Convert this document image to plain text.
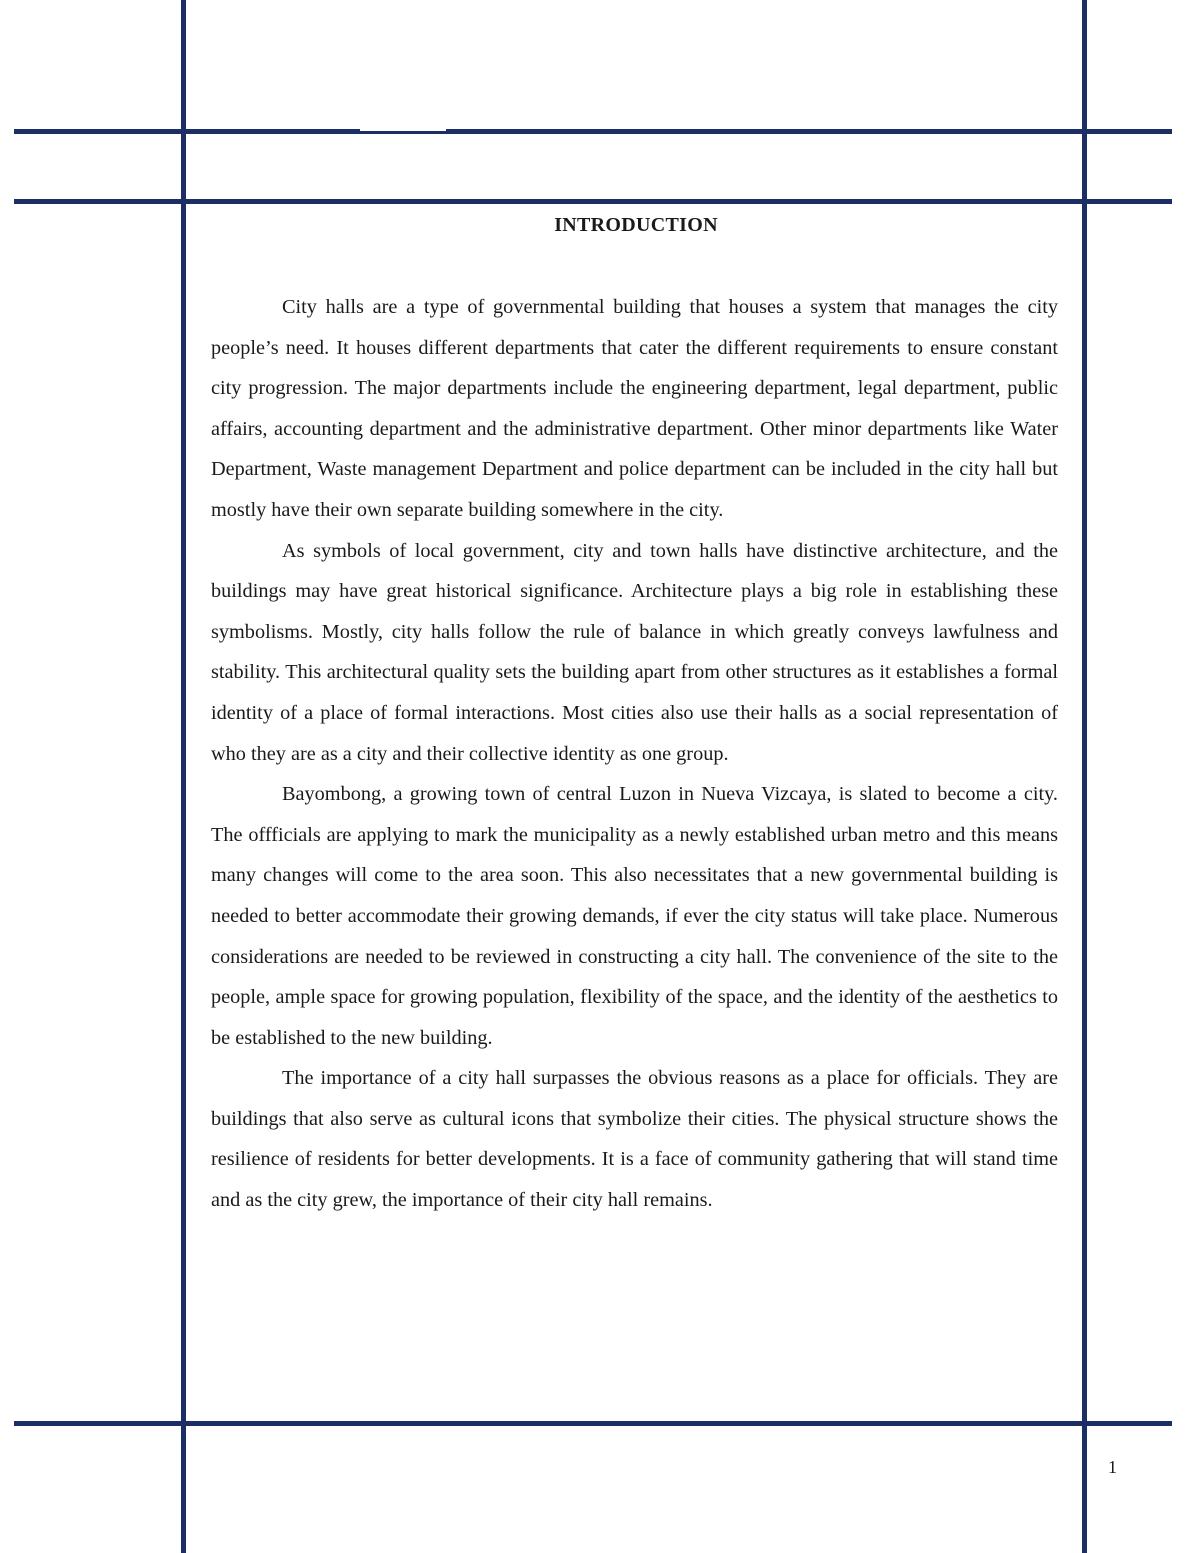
INTRODUCTION

City halls are a type of governmental building that houses a system that manages the city people’s need. It houses different departments that cater the different requirements to ensure constant city progression. The major departments include the engineering department, legal department, public affairs, accounting department and the administrative department. Other minor departments like Water Department, Waste management Department and police department can be included in the city hall but mostly have their own separate building somewhere in the city.

As symbols of local government, city and town halls have distinctive architecture, and the buildings may have great historical significance. Architecture plays a big role in establishing these symbolisms. Mostly, city halls follow the rule of balance in which greatly conveys lawfulness and stability. This architectural quality sets the building apart from other structures as it establishes a formal identity of a place of formal interactions. Most cities also use their halls as a social representation of who they are as a city and their collective identity as one group.

Bayombong, a growing town of central Luzon in Nueva Vizcaya, is slated to become a city. The offficials are applying to mark the municipality as a newly established urban metro and this means many changes will come to the area soon. This also necessitates that a new governmental building is needed to better accommodate their growing demands, if ever the city status will take place. Numerous considerations are needed to be reviewed in constructing a city hall. The convenience of the site to the people, ample space for growing population, flexibility of the space, and the identity of the aesthetics to be established to the new building.

The importance of a city hall surpasses the obvious reasons as a place for officials. They are buildings that also serve as cultural icons that symbolize their cities. The physical structure shows the resilience of residents for better developments. It is a face of community gathering that will stand time and as the city grew, the importance of their city hall remains.

1
